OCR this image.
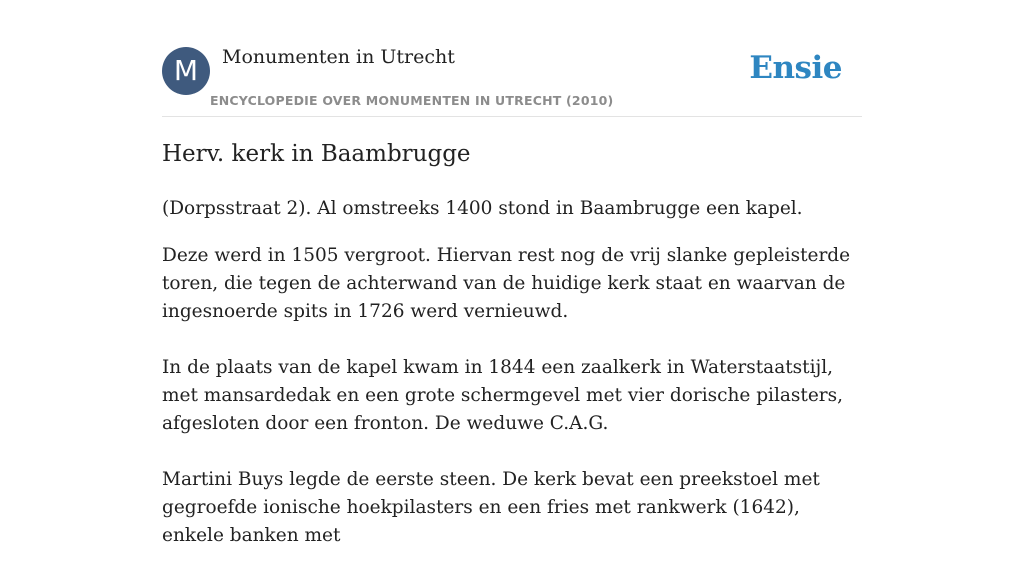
M	Monumenten in Utrecht
ENCYCLOPEDIE OVER MONUMENTEN IN UTRECHT (2010)
Ensie
Herv. kerk in Baambrugge

(Dorpsstraat 2). Al omstreeks 1400 stond in Baambrugge een kapel.

Deze werd in 1505 vergroot. Hiervan rest nog de vrij slanke gepleisterde toren, die tegen de achterwand van de huidige kerk staat en waarvan de ingesnoerde spits in 1726 werd vernieuwd.

In de plaats van de kapel kwam in 1844 een zaalkerk in Waterstaatstijl, met mansardedak en een grote schermgevel met vier dorische pilasters, afgesloten door een fronton. De weduwe C.A.G.

Martini Buys legde de eerste steen. De kerk bevat een preekstoel met gegroefde ionische hoekpilasters en een fries met rankwerk (1642), enkele banken met
